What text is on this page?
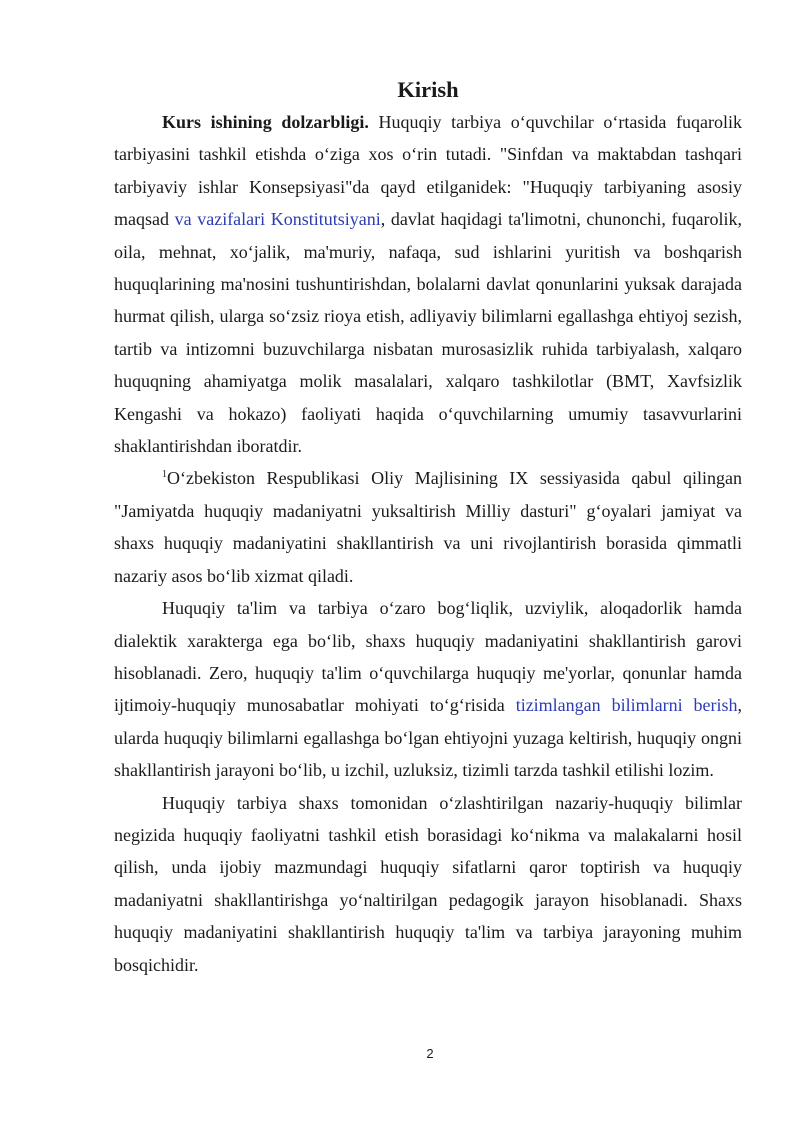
Kirish

Kurs ishining dolzarbligi. Huquqiy tarbiya o‘quvchilar o‘rtasida fuqarolik tarbiyasini tashkil etishda o‘ziga xos o‘rin tutadi. "Sinfdan va maktabdan tashqari tarbiyaviy ishlar Konsepsiyasi"da qayd etilganidek: "Huquqiy tarbiyaning asosiy maqsad va vazifalari Konstitutsiyani, davlat haqidagi ta'limotni, chunonchi, fuqarolik, oila, mehnat, xo‘jalik, ma'muriy, nafaqa, sud ishlarini yuritish va boshqarish huquqlarining ma'nosini tushuntirishdan, bolalarni davlat qonunlarini yuksak darajada hurmat qilish, ularga so‘zsiz rioya etish, adliyaviy bilimlarni egallashga ehtiyoj sezish, tartib va intizomni buzuvchilarga nisbatan murosasizlik ruhida tarbiyalash, xalqaro huquqning ahamiyatga molik masalalari, xalqaro tashkilotlar (BMT, Xavfsizlik Kengashi va hokazo) faoliyati haqida o‘quvchilarning umumiy tasavvurlarini shaklantirishdan iboratdir.

$^1$O‘zbekiston Respublikasi Oliy Majlisining IX sessiyasida qabul qilingan "Jamiyatda huquqiy madaniyatni yuksaltirish Milliy dasturi" g‘oyalari jamiyat va shaxs huquqiy madaniyatini shakllantirish va uni rivojlantirish borasida qimmatli nazariy asos bo‘lib xizmat qiladi.

Huquqiy ta'lim va tarbiya o‘zaro bog‘liqlik, uzviylik, aloqadorlik hamda dialektik xarakterga ega bo‘lib, shaxs huquqiy madaniyatini shakllantirish garovi hisoblanadi. Zero, huquqiy ta'lim o‘quvchilarga huquqiy me'yorlar, qonunlar hamda ijtimoiy-huquqiy munosabatlar mohiyati to‘g‘risida tizimlangan bilimlarni berish, ularda huquqiy bilimlarni egallashga bo‘lgan ehtiyojni yuzaga keltirish, huquqiy ongni shakllantirish jarayoni bo‘lib, u izchil, uzluksiz, tizimli tarzda tashkil etilishi lozim.

Huquqiy tarbiya shaxs tomonidan o‘zlashtirilgan nazariy-huquqiy bilimlar negizida huquqiy faoliyatni tashkil etish borasidagi ko‘nikma va malakalarni hosil qilish, unda ijobiy mazmundagi huquqiy sifatlarni qaror toptirish va huquqiy madaniyatni shakllantirishga yo‘naltirilgan pedagogik jarayon hisoblanadi. Shaxs huquqiy madaniyatini shakllantirish huquqiy ta'lim va tarbiya jarayoning muhim bosqichidir.

2
